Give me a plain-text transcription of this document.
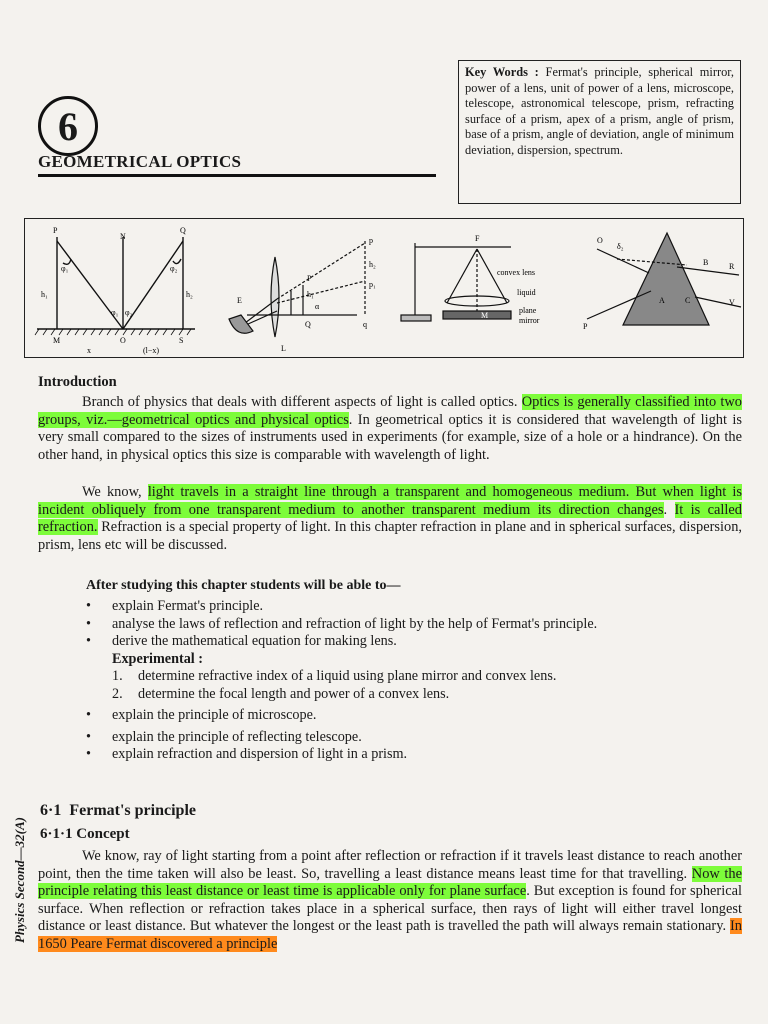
6
GEOMETRICAL OPTICS
Key Words : Fermat's principle, spherical mirror, power of a lens, unit of power of a lens, microscope, telescope, astronomical telescope, prism, refracting surface of a prism, apex of a prism, angle of prism, base of a prism, angle of deviation, angle of minimum deviation, dispersion, spectrum.
P
N
Q
h₁	h₂
φ₁	φ₂
φ₁ φ₂
M	O	S
x	(l−x)
E
L
Q	q
p
p₁
h₁
h₂
α
P
F
convex lens
liquid
plane
mirror
M
O
δ₂
B	R
A	C	V
P
Introduction

Branch of physics that deals with different aspects of light is called optics. Optics is generally classified into two groups, viz.—geometrical optics and physical optics. In geometrical optics it is considered that wavelength of light is very small compared to the sizes of instruments used in experiments (for example, size of a hole or a hindrance). On the other hand, in physical optics this size is comparable with wavelength of light.

We know, light travels in a straight line through a transparent and homogeneous medium. But when light is incident obliquely from one transparent medium to another transparent medium its direction changes. It is called refraction. Refraction is a special property of light. In this chapter refraction in plane and in spherical surfaces, dispersion, prism, lens etc will be discussed.

After studying this chapter students will be able to—
• explain Fermat's principle.
• analyse the laws of reflection and refraction of light by the help of Fermat's principle.
• derive the mathematical equation for making lens.
Experimental :
1. determine refractive index of a liquid using plane mirror and convex lens.
2. determine the focal length and power of a convex lens.
• explain the principle of microscope.
• explain the principle of reflecting telescope.
• explain refraction and dispersion of light in a prism.
6·1 Fermat's principle
6·1·1 Concept

We know, ray of light starting from a point after reflection or refraction if it travels least distance to reach another point, then the time taken will also be least. So, travelling a least distance means least time for that travelling. Now the principle relating this least distance or least time is applicable only for plane surface. But exception is found for spherical surface. When reflection or refraction takes place in a spherical surface, then rays of light will either travel longest distance or least distance. But whatever the longest or the least path is travelled the path will always remain stationary. In 1650 Peare Fermat discovered a principle

Physics Second—32(A)
